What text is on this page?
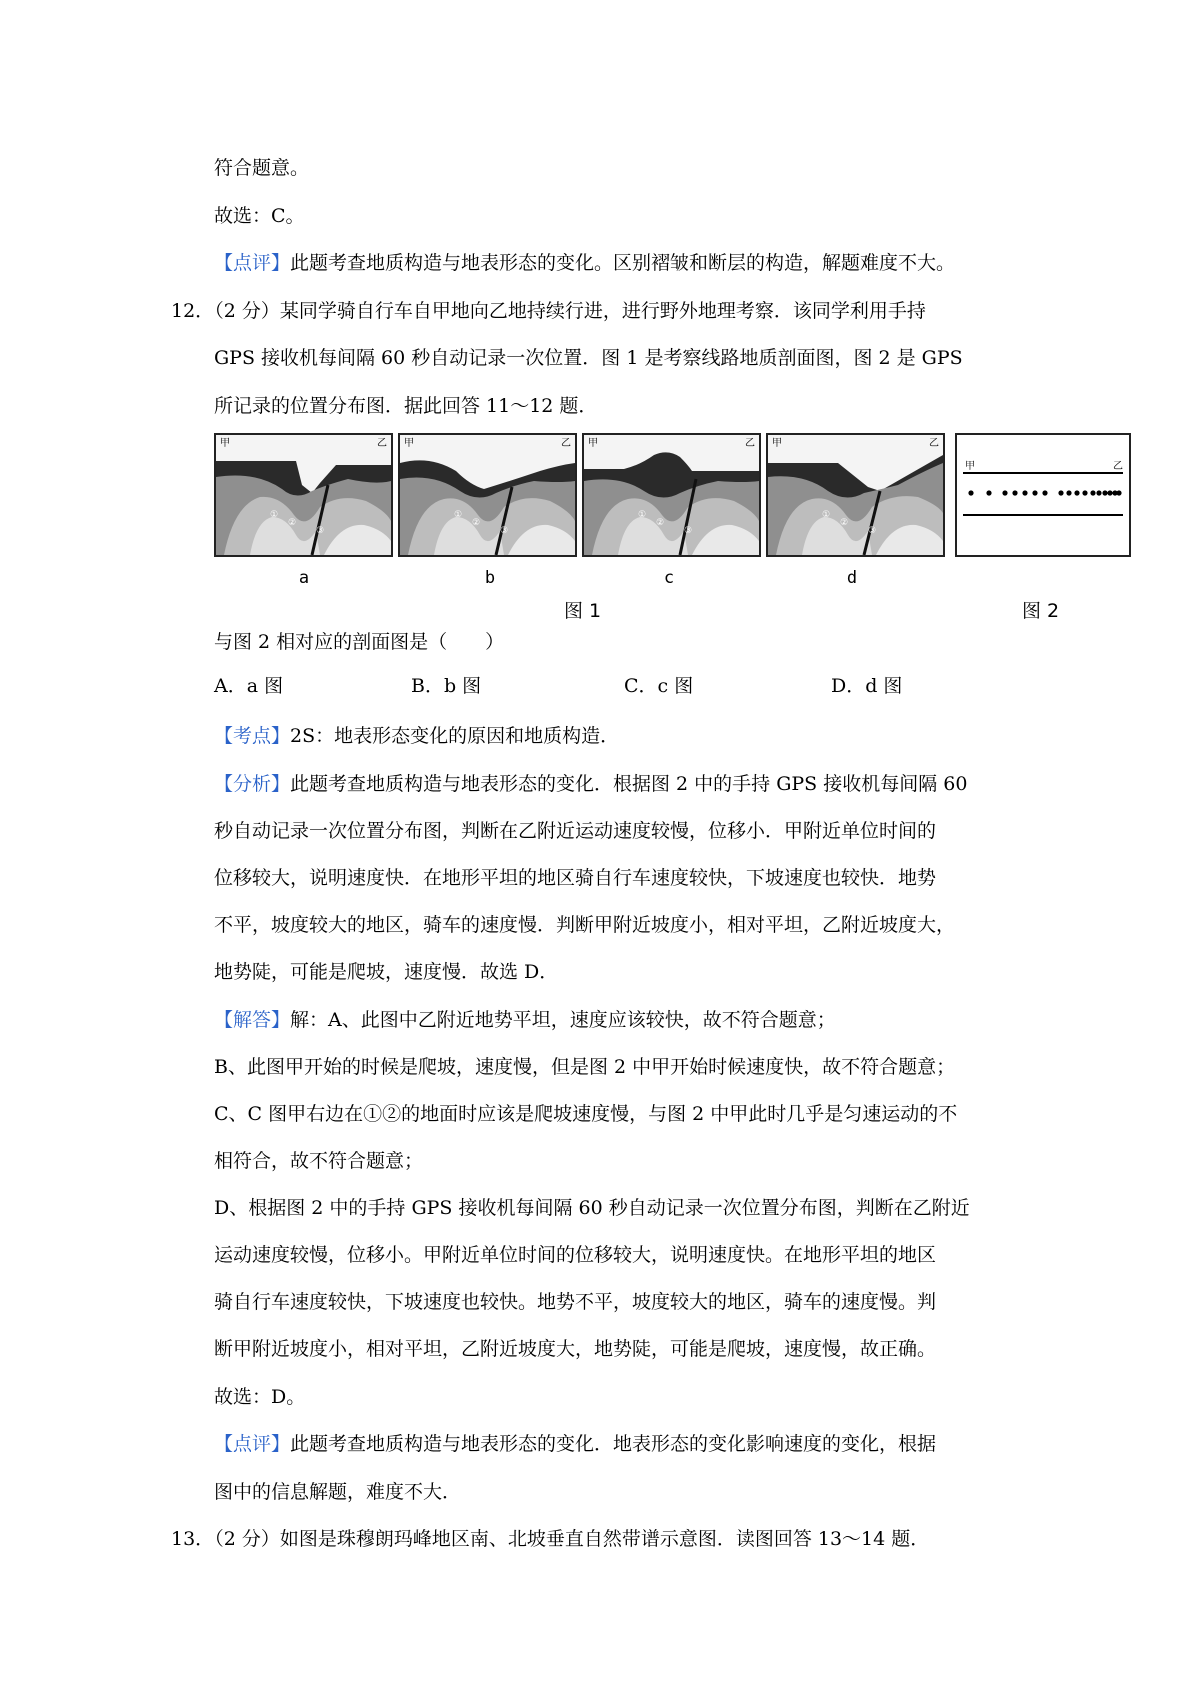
符合题意。
故选：C。
【点评】此题考查地质构造与地表形态的变化。区别褶皱和断层的构造，解题难度不大。
12．（2 分）某同学骑自行车自甲地向乙地持续行进，进行野外地理考察．该同学利用手持
GPS 接收机每间隔 60 秒自动记录一次位置．图 1 是考察线路地质剖面图，图 2 是 GPS
所记录的位置分布图．据此回答 11～12 题．
甲	乙
①
②
③
甲	乙
①
②
③
甲	乙
①
②
③
甲	乙
①
②
③
甲	乙
a	b	c	d
图 1	图 2
与图 2 相对应的剖面图是（　　）
A．a 图	B．b 图	C．c 图	D．d 图
【考点】2S：地表形态变化的原因和地质构造．
【分析】此题考查地质构造与地表形态的变化．根据图 2 中的手持 GPS 接收机每间隔 60
秒自动记录一次位置分布图，判断在乙附近运动速度较慢，位移小．甲附近单位时间的
位移较大，说明速度快．在地形平坦的地区骑自行车速度较快，下坡速度也较快．地势
不平，坡度较大的地区，骑车的速度慢．判断甲附近坡度小，相对平坦，乙附近坡度大，
地势陡，可能是爬坡，速度慢．故选 D．
【解答】解：A、此图中乙附近地势平坦，速度应该较快，故不符合题意；
B、此图甲开始的时候是爬坡，速度慢，但是图 2 中甲开始时候速度快，故不符合题意；
C、C 图甲右边在①②的地面时应该是爬坡速度慢，与图 2 中甲此时几乎是匀速运动的不
相符合，故不符合题意；
D、根据图 2 中的手持 GPS 接收机每间隔 60 秒自动记录一次位置分布图，判断在乙附近
运动速度较慢，位移小。甲附近单位时间的位移较大，说明速度快。在地形平坦的地区
骑自行车速度较快，下坡速度也较快。地势不平，坡度较大的地区，骑车的速度慢。判
断甲附近坡度小，相对平坦，乙附近坡度大，地势陡，可能是爬坡，速度慢，故正确。
故选：D。
【点评】此题考查地质构造与地表形态的变化．地表形态的变化影响速度的变化，根据
图中的信息解题，难度不大．
13．（2 分）如图是珠穆朗玛峰地区南、北坡垂直自然带谱示意图．读图回答 13～14 题．
